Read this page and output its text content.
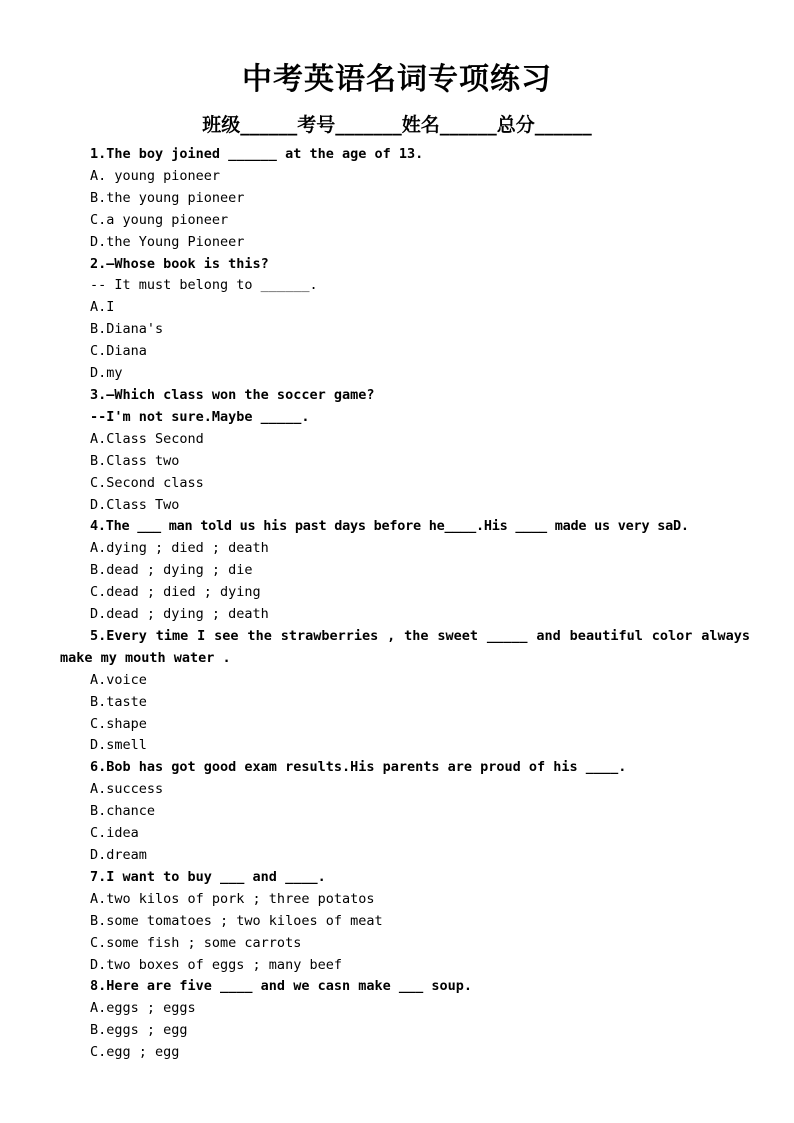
中考英语名词专项练习
班级______考号_______姓名______总分______
1.The boy joined ______ at the age of 13.
A. young pioneer
B.the young pioneer
C.a young pioneer
D.the Young Pioneer
2.—Whose book is this?
-- It must belong to ______.
A.I
B.Diana's
C.Diana
D.my
3.—Which class won the soccer game?
--I'm not sure.Maybe _____.
A.Class Second
B.Class two
C.Second class
D.Class Two
4.The ___ man told us his past days before he____.His ____ made us very saD.
A.dying ; died ; death
B.dead ; dying ; die
C.dead ; died ; dying
D.dead ; dying ; death
5.Every time I see the strawberries , the sweet _____ and beautiful color always make my mouth water .
A.voice
B.taste
C.shape
D.smell
6.Bob has got good exam results.His parents are proud of his ____.
A.success
B.chance
C.idea
D.dream
7.I want to buy ___ and ____.
A.two kilos of pork ; three potatos
B.some tomatoes ; two kiloes of meat
C.some fish ; some carrots
D.two boxes of eggs ; many beef
8.Here are five ____ and we casn make ___ soup.
A.eggs ; eggs
B.eggs ; egg
C.egg ; egg
